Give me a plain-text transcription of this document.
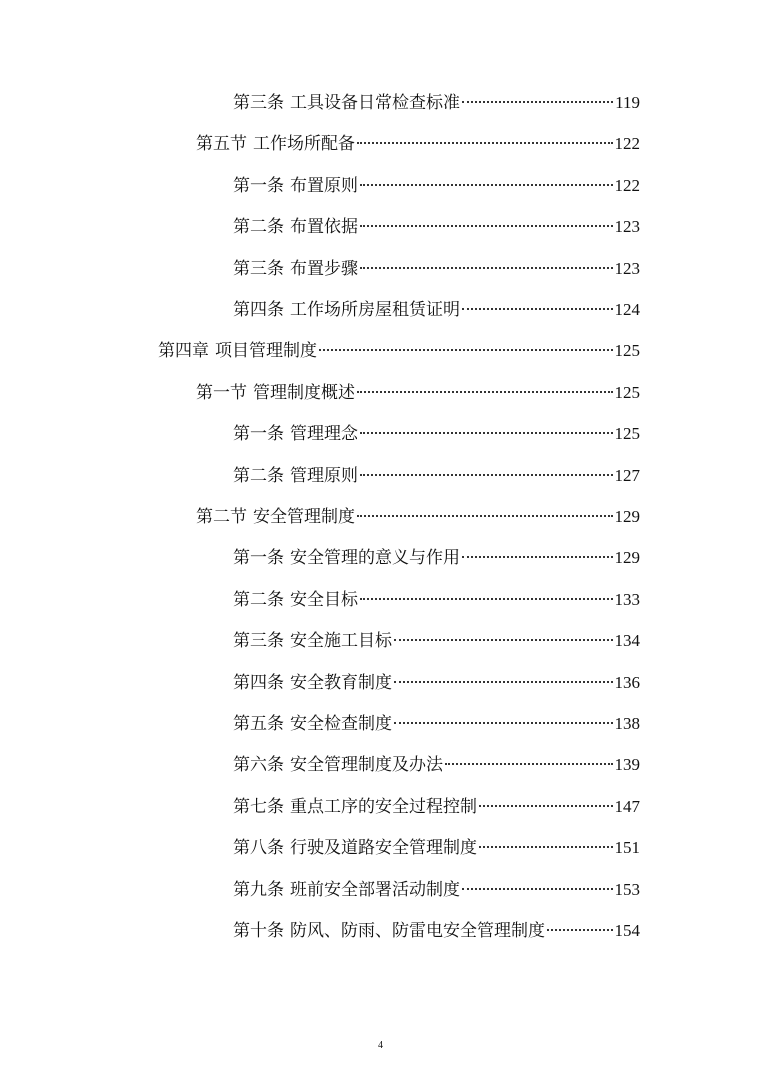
第三条 工具设备日常检查标准	119
第五节 工作场所配备	122
第一条 布置原则	122
第二条 布置依据	123
第三条 布置步骤	123
第四条 工作场所房屋租赁证明	124
第四章 项目管理制度	125
第一节 管理制度概述	125
第一条 管理理念	125
第二条 管理原则	127
第二节 安全管理制度	129
第一条 安全管理的意义与作用	129
第二条 安全目标	133
第三条 安全施工目标	134
第四条 安全教育制度	136
第五条 安全检查制度	138
第六条 安全管理制度及办法	139
第七条 重点工序的安全过程控制	147
第八条 行驶及道路安全管理制度	151
第九条 班前安全部署活动制度	153
第十条 防风、防雨、防雷电安全管理制度	154
4
